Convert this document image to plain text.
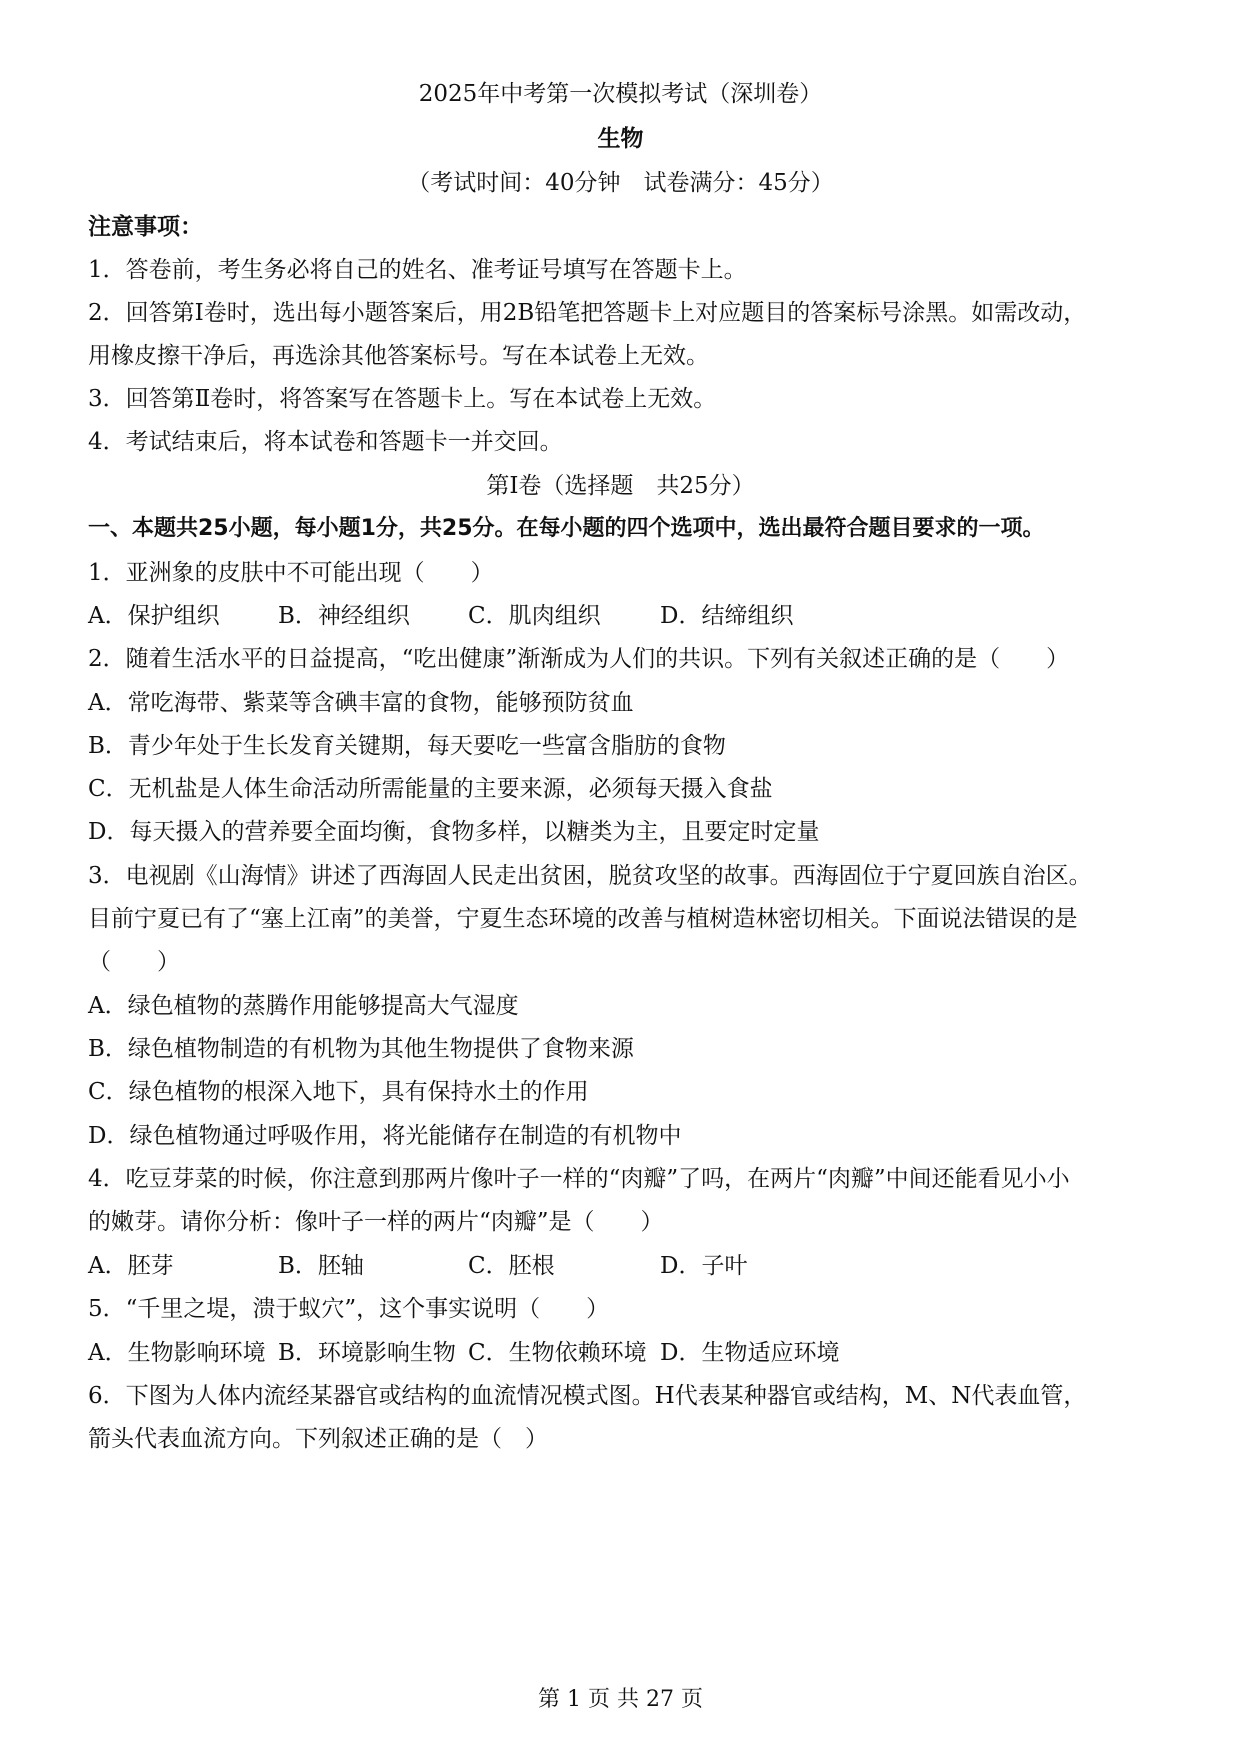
2025年中考第一次模拟考试（深圳卷）
生物
（考试时间：40分钟　试卷满分：45分）
注意事项：
1．答卷前，考生务必将自己的姓名、准考证号填写在答题卡上。
2．回答第Ⅰ卷时，选出每小题答案后，用2B铅笔把答题卡上对应题目的答案标号涂黑。如需改动，
用橡皮擦干净后，再选涂其他答案标号。写在本试卷上无效。
3．回答第Ⅱ卷时，将答案写在答题卡上。写在本试卷上无效。
4．考试结束后，将本试卷和答题卡一并交回。
第Ⅰ卷（选择题　共25分）
一、本题共25小题，每小题1分，共25分。在每小题的四个选项中，选出最符合题目要求的一项。
1．亚洲象的皮肤中不可能出现（　　）
A．保护组织	B．神经组织	C．肌肉组织	D．结缔组织
2．随着生活水平的日益提高，“吃出健康”渐渐成为人们的共识。下列有关叙述正确的是（　　）
A．常吃海带、紫菜等含碘丰富的食物，能够预防贫血
B．青少年处于生长发育关键期，每天要吃一些富含脂肪的食物
C．无机盐是人体生命活动所需能量的主要来源，必须每天摄入食盐
D．每天摄入的营养要全面均衡，食物多样，以糖类为主，且要定时定量
3．电视剧《山海情》讲述了西海固人民走出贫困，脱贫攻坚的故事。西海固位于宁夏回族自治区。
目前宁夏已有了“塞上江南”的美誉，宁夏生态环境的改善与植树造林密切相关。下面说法错误的是
（　　）
A．绿色植物的蒸腾作用能够提高大气湿度
B．绿色植物制造的有机物为其他生物提供了食物来源
C．绿色植物的根深入地下，具有保持水土的作用
D．绿色植物通过呼吸作用，将光能储存在制造的有机物中
4．吃豆芽菜的时候，你注意到那两片像叶子一样的“肉瓣”了吗，在两片“肉瓣”中间还能看见小小
的嫩芽。请你分析：像叶子一样的两片“肉瓣”是（　　）
A．胚芽	B．胚轴	C．胚根	D．子叶
5．“千里之堤，溃于蚁穴”，这个事实说明（　　）
A．生物影响环境 B．环境影响生物 C．生物依赖环境 D．生物适应环境
6．下图为人体内流经某器官或结构的血流情况模式图。H代表某种器官或结构，M、N代表血管，
箭头代表血流方向。下列叙述正确的是（　）
第 1 页 共 27 页
